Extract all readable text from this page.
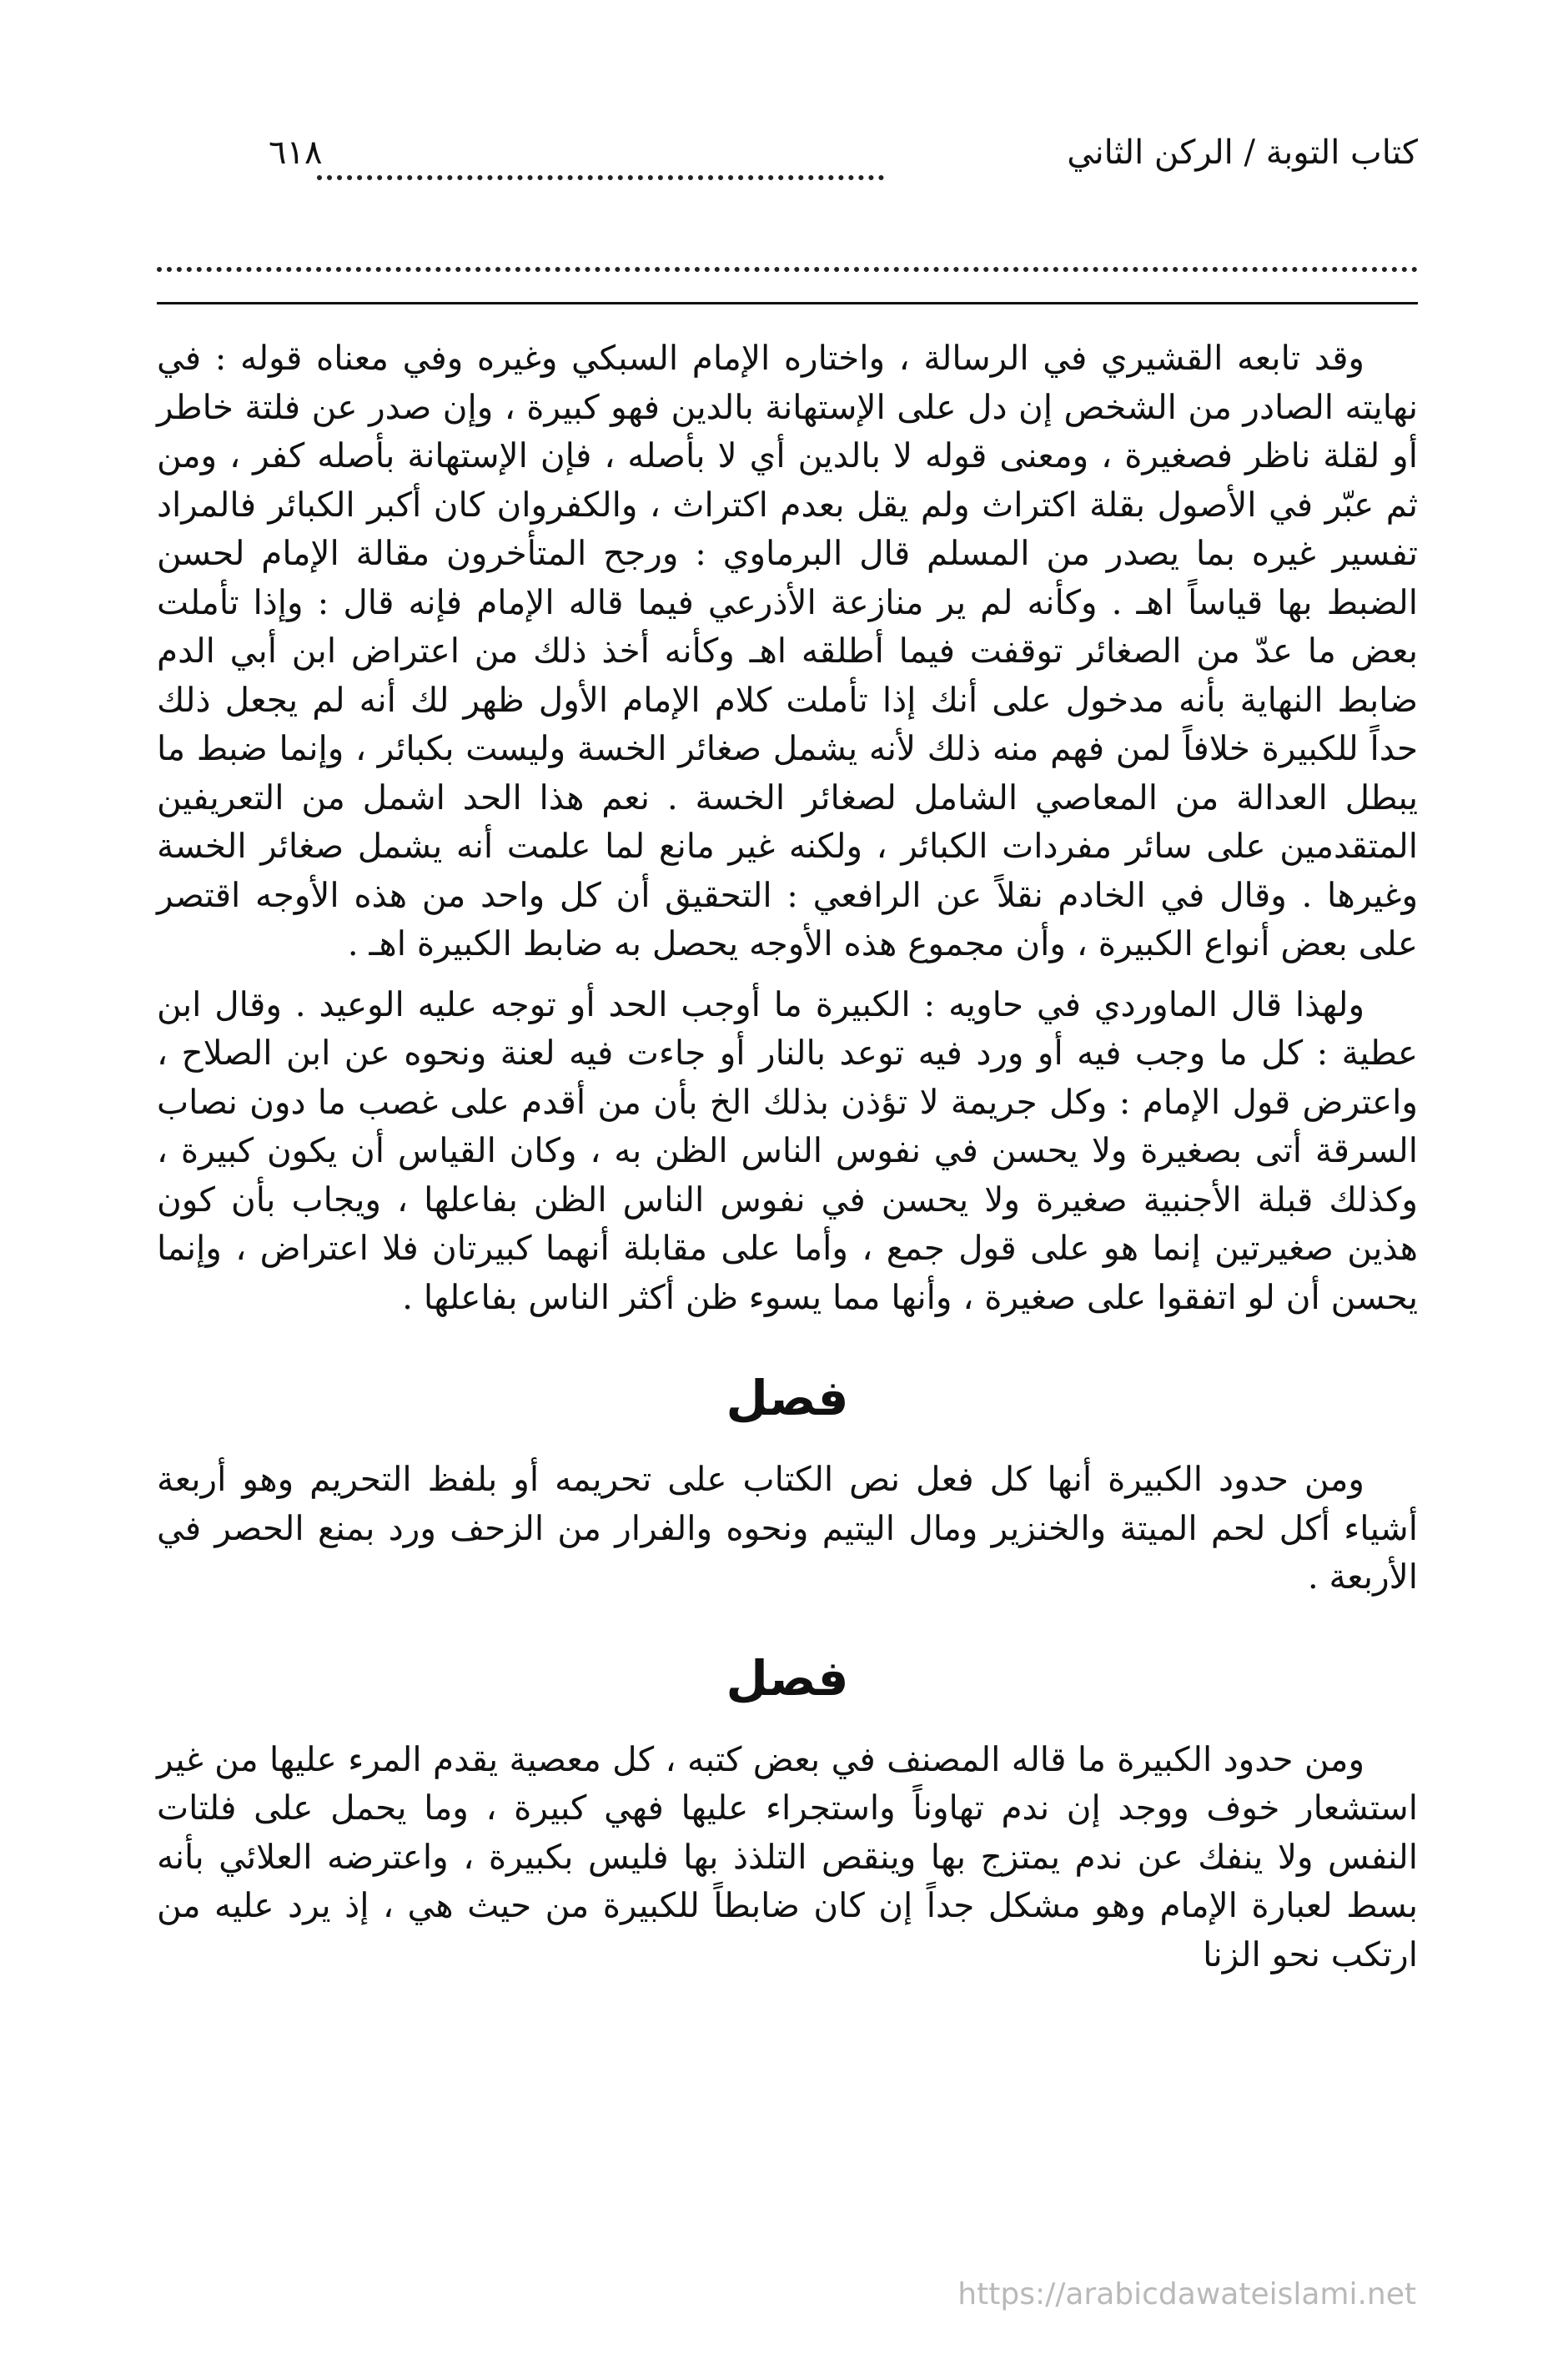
٦١٨	كتاب التوبة / الركن الثاني

وقد تابعه القشيري في الرسالة ، واختاره الإمام السبكي وغيره وفي معناه قوله : في نهايته الصادر من الشخص إن دل على الإستهانة بالدين فهو كبيرة ، وإن صدر عن فلتة خاطر أو لقلة ناظر فصغيرة ، ومعنى قوله لا بالدين أي لا بأصله ، فإن الإستهانة بأصله كفر ، ومن ثم عبّر في الأصول بقلة اكتراث ولم يقل بعدم اكتراث ، والكفروان كان أكبر الكبائر فالمراد تفسير غيره بما يصدر من المسلم قال البرماوي : ورجح المتأخرون مقالة الإمام لحسن الضبط بها قياساً اهـ . وكأنه لم ير منازعة الأذرعي فيما قاله الإمام فإنه قال : وإذا تأملت بعض ما عدّ من الصغائر توقفت فيما أطلقه اهـ وكأنه أخذ ذلك من اعتراض ابن أبي الدم ضابط النهاية بأنه مدخول على أنك إذا تأملت كلام الإمام الأول ظهر لك أنه لم يجعل ذلك حداً للكبيرة خلافاً لمن فهم منه ذلك لأنه يشمل صغائر الخسة وليست بكبائر ، وإنما ضبط ما يبطل العدالة من المعاصي الشامل لصغائر الخسة . نعم هذا الحد اشمل من التعريفين المتقدمين على سائر مفردات الكبائر ، ولكنه غير مانع لما علمت أنه يشمل صغائر الخسة وغيرها . وقال في الخادم نقلاً عن الرافعي : التحقيق أن كل واحد من هذه الأوجه اقتصر على بعض أنواع الكبيرة ، وأن مجموع هذه الأوجه يحصل به ضابط الكبيرة اهـ .

ولهذا قال الماوردي في حاويه : الكبيرة ما أوجب الحد أو توجه عليه الوعيد . وقال ابن عطية : كل ما وجب فيه أو ورد فيه توعد بالنار أو جاءت فيه لعنة ونحوه عن ابن الصلاح ، واعترض قول الإمام : وكل جريمة لا تؤذن بذلك الخ بأن من أقدم على غصب ما دون نصاب السرقة أتى بصغيرة ولا يحسن في نفوس الناس الظن به ، وكان القياس أن يكون كبيرة ، وكذلك قبلة الأجنبية صغيرة ولا يحسن في نفوس الناس الظن بفاعلها ، ويجاب بأن كون هذين صغيرتين إنما هو على قول جمع ، وأما على مقابلة أنهما كبيرتان فلا اعتراض ، وإنما يحسن أن لو اتفقوا على صغيرة ، وأنها مما يسوء ظن أكثر الناس بفاعلها .

فصل

ومن حدود الكبيرة أنها كل فعل نص الكتاب على تحريمه أو بلفظ التحريم وهو أربعة أشياء أكل لحم الميتة والخنزير ومال اليتيم ونحوه والفرار من الزحف ورد بمنع الحصر في الأربعة .

فصل

ومن حدود الكبيرة ما قاله المصنف في بعض كتبه ، كل معصية يقدم المرء عليها من غير استشعار خوف ووجد إن ندم تهاوناً واستجراء عليها فهي كبيرة ، وما يحمل على فلتات النفس ولا ينفك عن ندم يمتزج بها وينقص التلذذ بها فليس بكبيرة ، واعترضه العلائي بأنه بسط لعبارة الإمام وهو مشكل جداً إن كان ضابطاً للكبيرة من حيث هي ، إذ يرد عليه من ارتكب نحو الزنا

https://arabicdawateislami.net
